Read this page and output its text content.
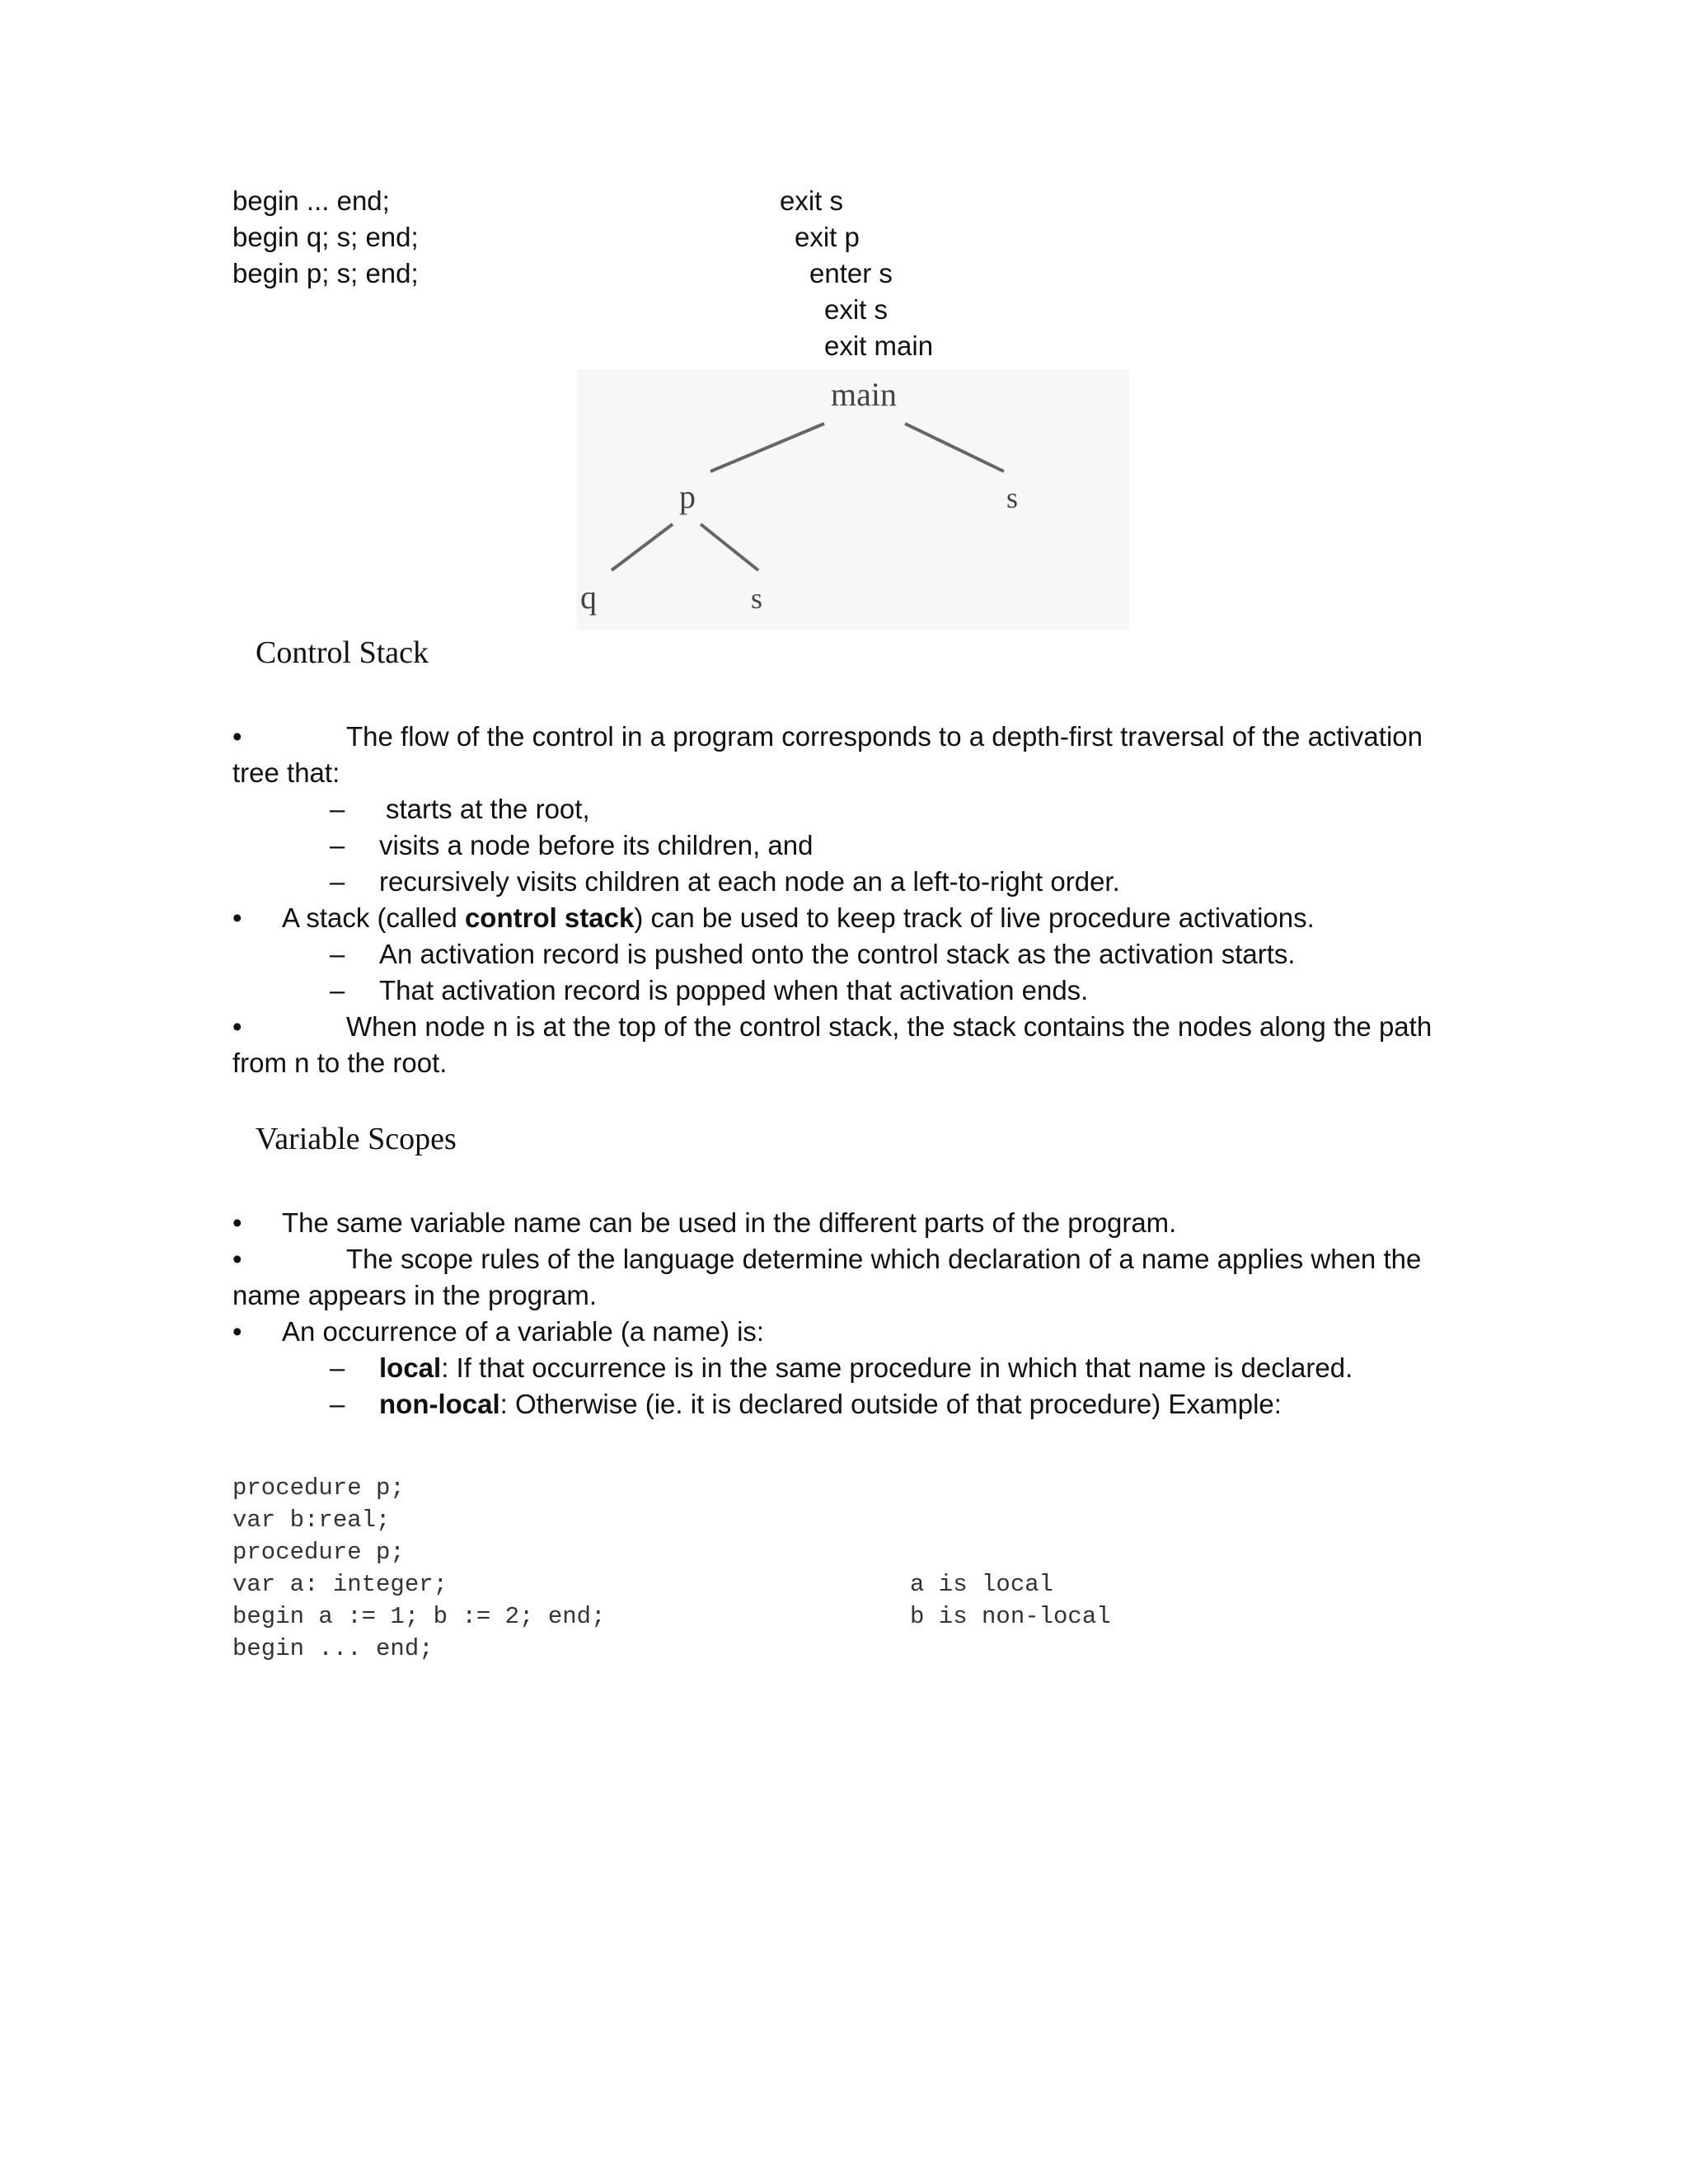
begin ... end;
begin q; s; end;
begin p; s; end;
exit s
exit p
enter s
exit s
exit main
main
p	s
q	s
Control Stack
•	The flow of the control in a program corresponds to a depth-first traversal of the activation
tree that:
– starts at the root,
– visits a node before its children, and
– recursively visits children at each node an a left-to-right order.
• A stack (called control stack) can be used to keep track of live procedure activations.
– An activation record is pushed onto the control stack as the activation starts.
– That activation record is popped when that activation ends.
•	When node n is at the top of the control stack, the stack contains the nodes along the path
from n to the root.
Variable Scopes
• The same variable name can be used in the different parts of the program.
•	The scope rules of the language determine which declaration of a name applies when the
name appears in the program.
• An occurrence of a variable (a name) is:
– local: If that occurrence is in the same procedure in which that name is declared.
– non-local: Otherwise (ie. it is declared outside of that procedure) Example:
procedure p;
var b:real;
procedure p;
var a: integer;
begin a := 1; b := 2; end;
begin ... end;
a is local
b is non-local
